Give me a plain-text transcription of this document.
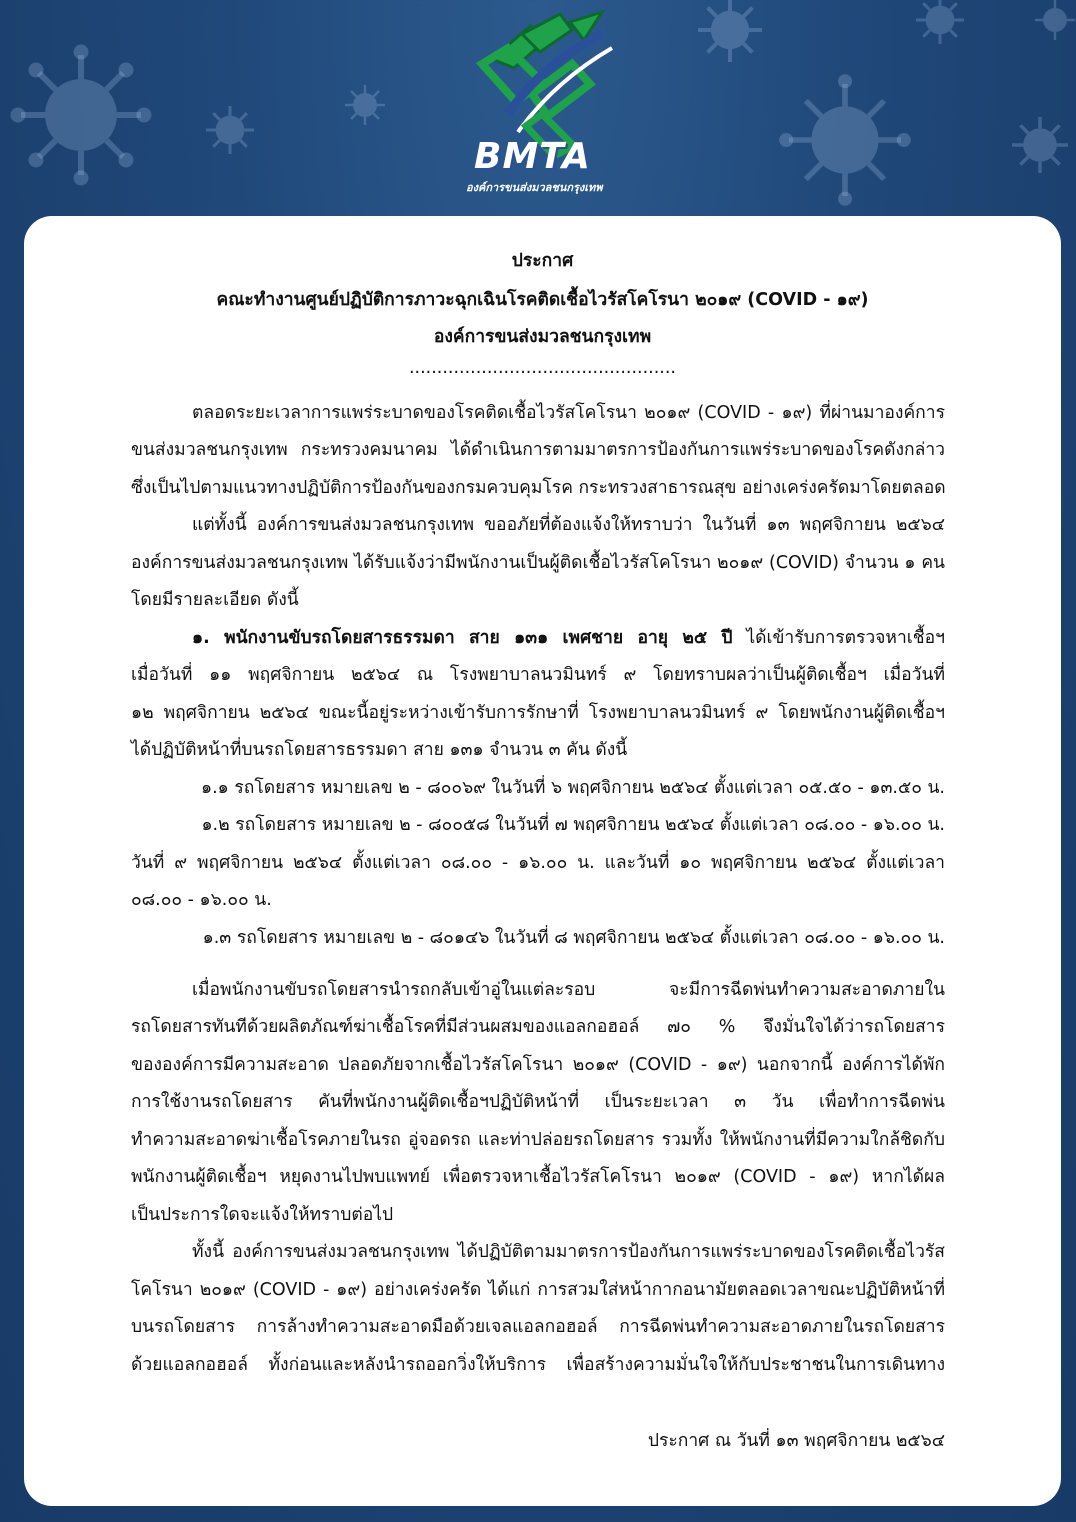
BMTA
องค์การขนส่งมวลชนกรุงเทพ
ประกาศ
คณะทำงานศูนย์ปฏิบัติการภาวะฉุกเฉินโรคติดเชื้อไวรัสโคโรนา ๒๐๑๙ (COVID - ๑๙)
องค์การขนส่งมวลชนกรุงเทพ
................................................
ตลอดระยะเวลาการแพร่ระบาดของโรคติดเชื้อไวรัสโคโรนา ๒๐๑๙ (COVID - ๑๙) ที่ผ่านมาองค์การ
ขนส่งมวลชนกรุงเทพ กระทรวงคมนาคม ได้ดำเนินการตามมาตรการป้องกันการแพร่ระบาดของโรคดังกล่าว
ซึ่งเป็นไปตามแนวทางปฏิบัติการป้องกันของกรมควบคุมโรค กระทรวงสาธารณสุข อย่างเคร่งครัดมาโดยตลอด
แต่ทั้งนี้ องค์การขนส่งมวลชนกรุงเทพ ขออภัยที่ต้องแจ้งให้ทราบว่า ในวันที่ ๑๓ พฤศจิกายน ๒๕๖๔
องค์การขนส่งมวลชนกรุงเทพ ได้รับแจ้งว่ามีพนักงานเป็นผู้ติดเชื้อไวรัสโคโรนา ๒๐๑๙ (COVID) จำนวน ๑ คน
โดยมีรายละเอียด ดังนี้
๑. พนักงานขับรถโดยสารธรรมดา สาย ๑๓๑ เพศชาย อายุ ๒๕ ปี ได้เข้ารับการตรวจหาเชื้อฯ
เมื่อวันที่ ๑๑ พฤศจิกายน ๒๕๖๔ ณ โรงพยาบาลนวมินทร์ ๙ โดยทราบผลว่าเป็นผู้ติดเชื้อฯ เมื่อวันที่
๑๒ พฤศจิกายน ๒๕๖๔ ขณะนี้อยู่ระหว่างเข้ารับการรักษาที่ โรงพยาบาลนวมินทร์ ๙ โดยพนักงานผู้ติดเชื้อฯ
ได้ปฏิบัติหน้าที่บนรถโดยสารธรรมดา สาย ๑๓๑ จำนวน ๓ คัน ดังนี้
๑.๑ รถโดยสาร หมายเลข ๒ - ๘๐๐๖๙ ในวันที่ ๖ พฤศจิกายน ๒๕๖๔ ตั้งแต่เวลา ๐๕.๕๐ - ๑๓.๕๐ น.
๑.๒ รถโดยสาร หมายเลข ๒ - ๘๐๐๕๘ ในวันที่ ๗ พฤศจิกายน ๒๕๖๔ ตั้งแต่เวลา ๐๘.๐๐ - ๑๖.๐๐ น.
วันที่ ๙ พฤศจิกายน ๒๕๖๔ ตั้งแต่เวลา ๐๘.๐๐ - ๑๖.๐๐ น. และวันที่ ๑๐ พฤศจิกายน ๒๕๖๔ ตั้งแต่เวลา
๐๘.๐๐ - ๑๖.๐๐ น.
๑.๓ รถโดยสาร หมายเลข ๒ - ๘๐๑๔๖ ในวันที่ ๘ พฤศจิกายน ๒๕๖๔ ตั้งแต่เวลา ๐๘.๐๐ - ๑๖.๐๐ น.
เมื่อพนักงานขับรถโดยสารนำรถกลับเข้าอู่ในแต่ละรอบ จะมีการฉีดพ่นทำความสะอาดภายใน
รถโดยสารทันทีด้วยผลิตภัณฑ์ฆ่าเชื้อโรคที่มีส่วนผสมของแอลกอฮอล์ ๗๐ % จึงมั่นใจได้ว่ารถโดยสาร
ขององค์การมีความสะอาด ปลอดภัยจากเชื้อไวรัสโคโรนา ๒๐๑๙ (COVID - ๑๙) นอกจากนี้ องค์การได้พัก
การใช้งานรถโดยสาร คันที่พนักงานผู้ติดเชื้อฯปฏิบัติหน้าที่ เป็นระยะเวลา ๓ วัน เพื่อทำการฉีดพ่น
ทำความสะอาดฆ่าเชื้อโรคภายในรถ อู่จอดรถ และท่าปล่อยรถโดยสาร รวมทั้ง ให้พนักงานที่มีความใกล้ชิดกับ
พนักงานผู้ติดเชื้อฯ หยุดงานไปพบแพทย์ เพื่อตรวจหาเชื้อไวรัสโคโรนา ๒๐๑๙ (COVID - ๑๙) หากได้ผล
เป็นประการใดจะแจ้งให้ทราบต่อไป
ทั้งนี้ องค์การขนส่งมวลชนกรุงเทพ ได้ปฏิบัติตามมาตรการป้องกันการแพร่ระบาดของโรคติดเชื้อไวรัส
โคโรนา ๒๐๑๙ (COVID - ๑๙) อย่างเคร่งครัด ได้แก่ การสวมใส่หน้ากากอนามัยตลอดเวลาขณะปฏิบัติหน้าที่
บนรถโดยสาร การล้างทำความสะอาดมือด้วยเจลแอลกอฮอล์ การฉีดพ่นทำความสะอาดภายในรถโดยสาร
ด้วยแอลกอฮอล์ ทั้งก่อนและหลังนำรถออกวิ่งให้บริการ เพื่อสร้างความมั่นใจให้กับประชาชนในการเดินทาง
ประกาศ ณ วันที่ ๑๓ พฤศจิกายน ๒๕๖๔
